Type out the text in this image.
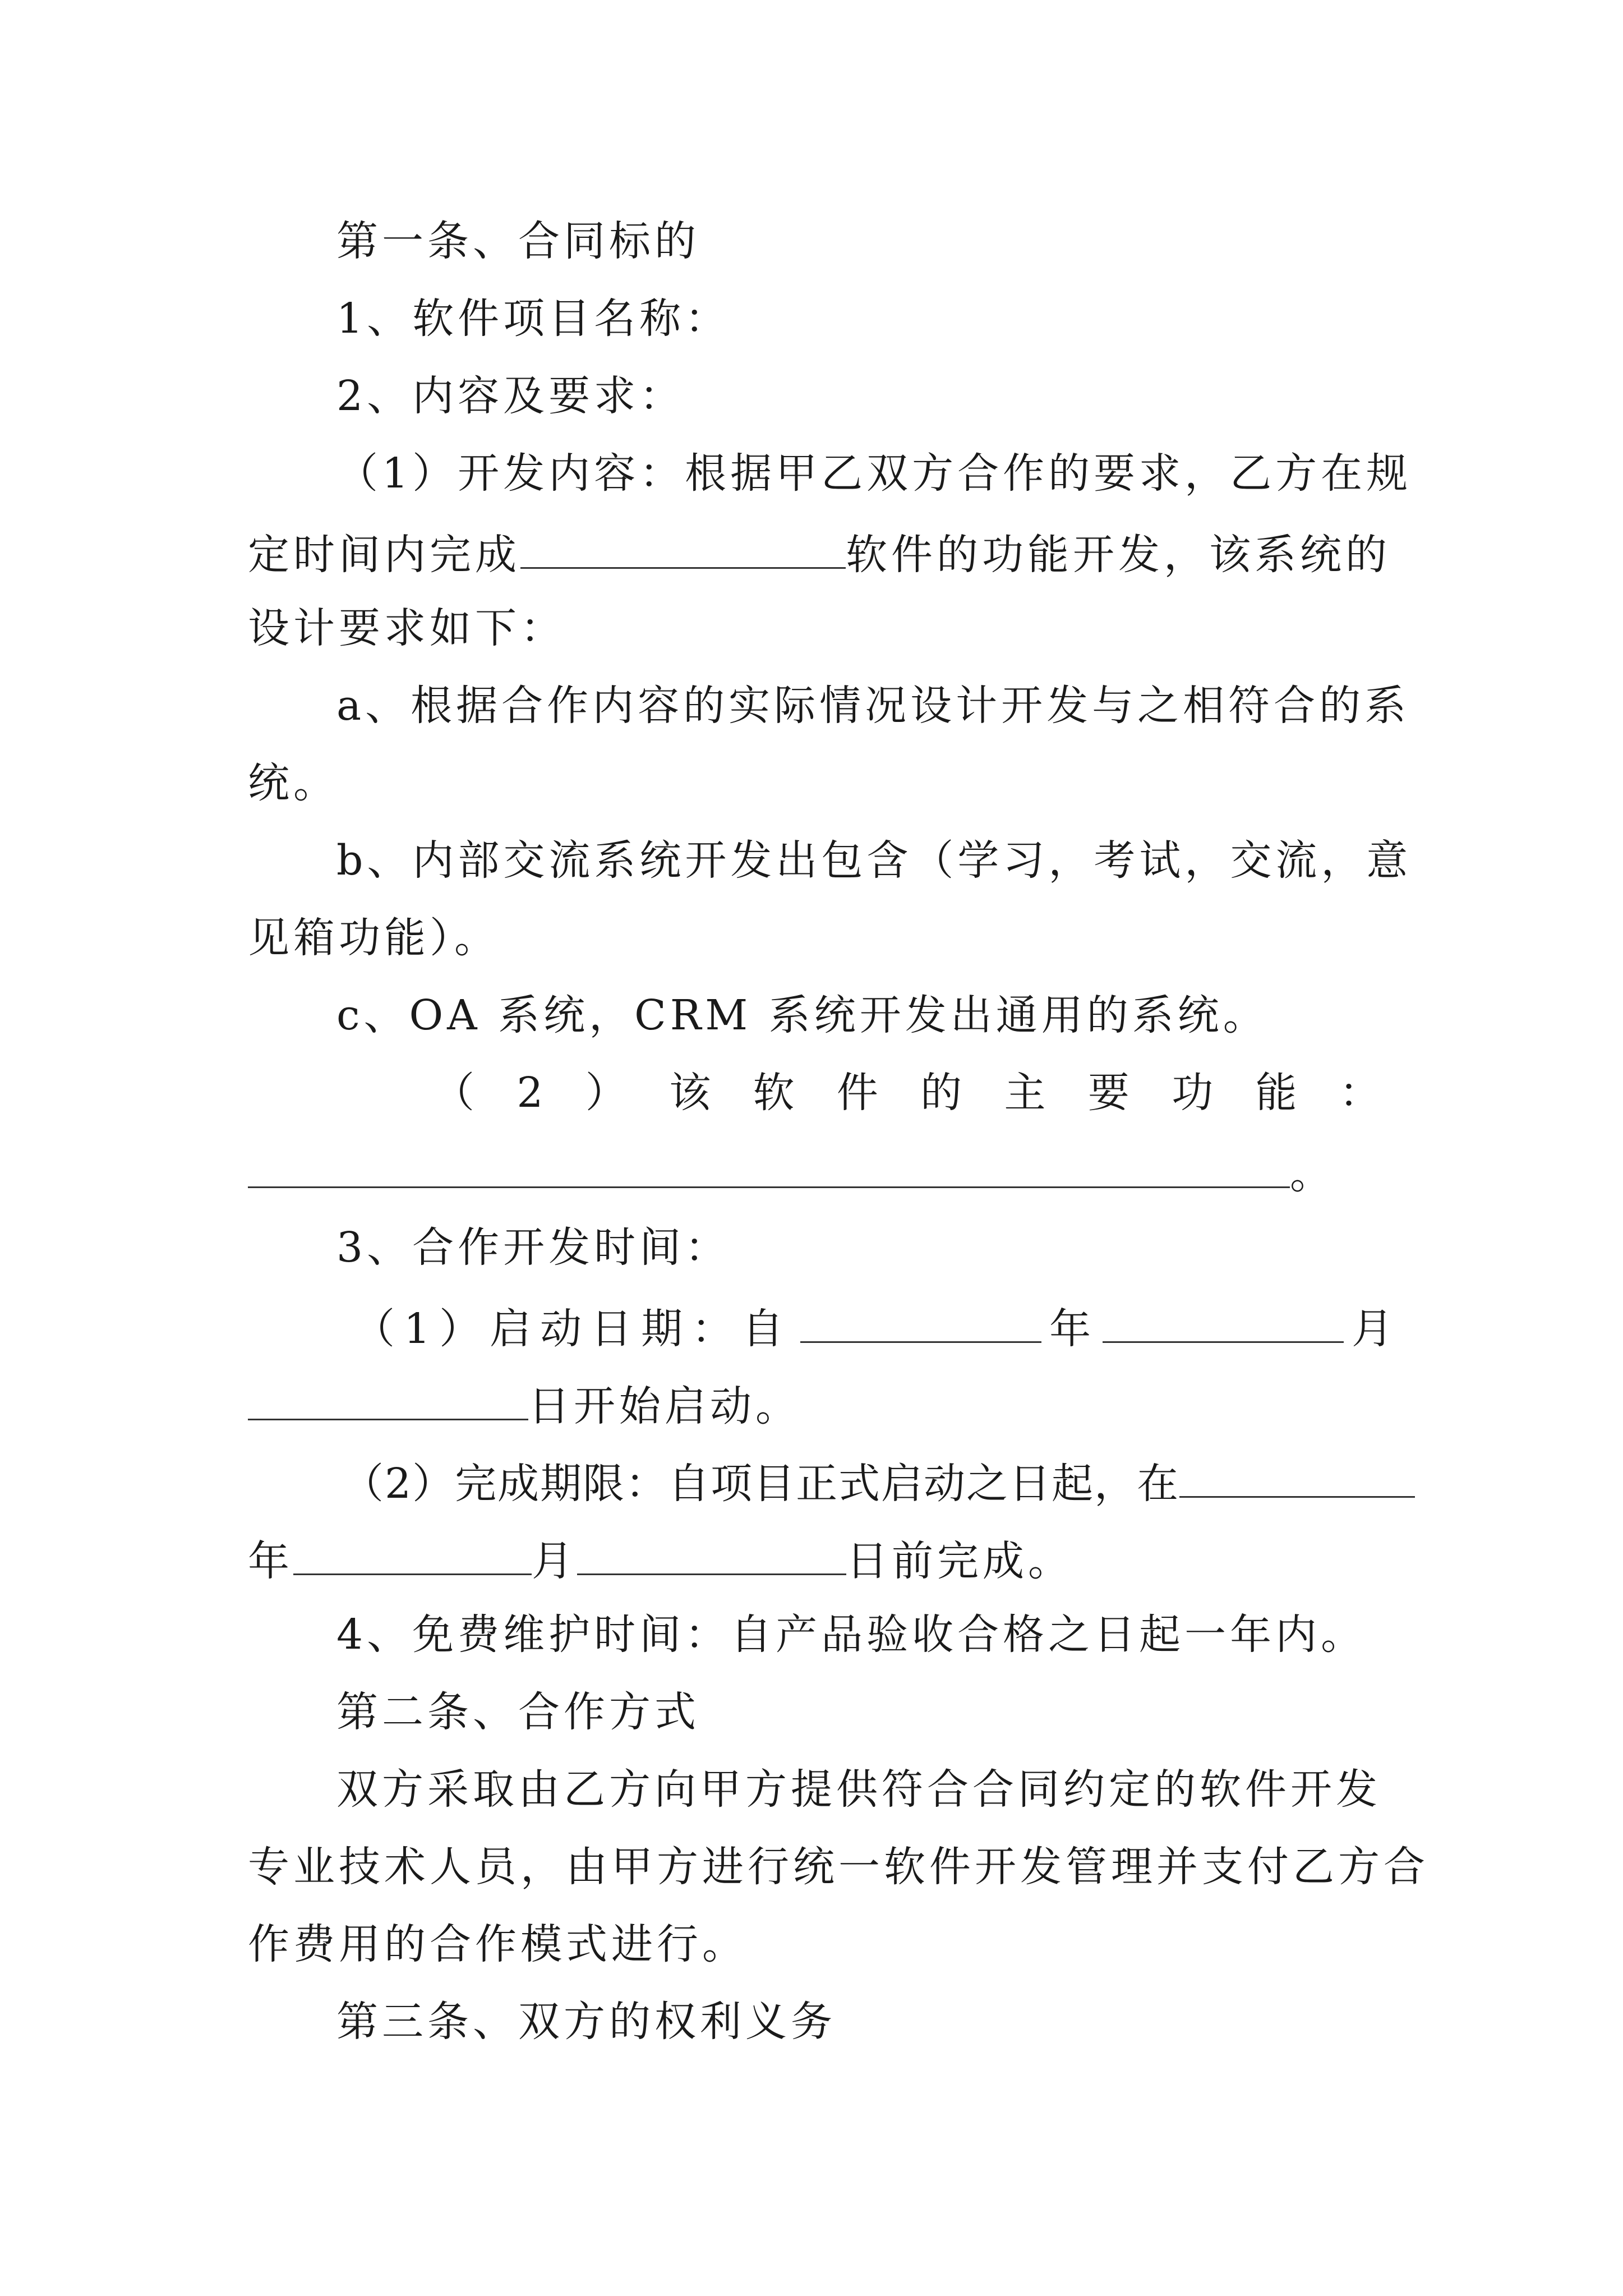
第一条、合同标的
1、软件项目名称：
2、内容及要求：
（1）开发内容：根据甲乙双方合作的要求，乙方在规
定时间内完成	软件的功能开发，该系统的
设计要求如下：
a、根据合作内容的实际情况设计开发与之相符合的系
统。
b、内部交流系统开发出包含（学习，考试，交流，意
见箱功能）。
c、OA 系统，CRM 系统开发出通用的系统。
（ 2 ） 该 软 件 的 主 要 功 能 ：
。
3、合作开发时间：
（1）启动日期：自	年	月
日开始启动。
（2）完成期限：自项目正式启动之日起，在
年	月	日前完成。
4、免费维护时间：自产品验收合格之日起一年内。
第二条、合作方式
双方采取由乙方向甲方提供符合合同约定的软件开发
专业技术人员，由甲方进行统一软件开发管理并支付乙方合
作费用的合作模式进行。
第三条、双方的权利义务
